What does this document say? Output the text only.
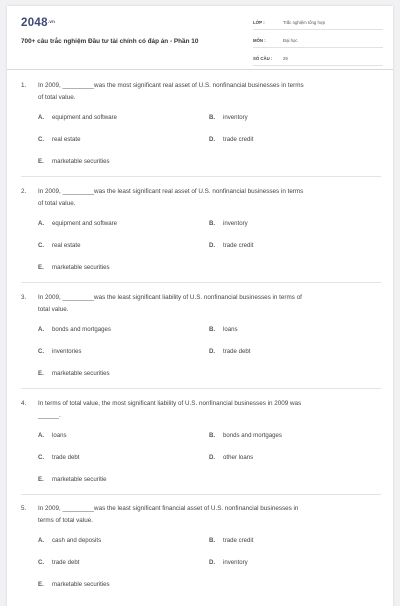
$2048^{.vn}$
700+ câu trắc nghiệm Đầu tư tài chính có đáp án - Phần 10
LỚP :	Trắc nghiệm tổng hợp
MÔN :	Đại học
SỐ CÂU :	29
1.	In 2009, _________was the most significant real asset of U.S. nonfinancial businesses in terms
of total value.
A.	equipment and software	B.	inventory
C.	real estate	D.	trade credit
E.	marketable securities
2.	In 2009, _________was the least significant real asset of U.S. nonfinancial businesses in terms
of total value.
A.	equipment and software	B.	inventory
C.	real estate	D.	trade credit
E.	marketable securities
3.	In 2009, _________was the least significant liability of U.S. nonfinancial businesses in terms of
total value.
A.	bonds and mortgages	B.	loans
C.	inventories	D.	trade debt
E.	marketable securities
4.	In terms of total value, the most significant liability of U.S. nonfinancial businesses in 2009 was
______.
A.	loans	B.	bonds and mortgages
C.	trade debt	D.	other loans
E.	marketable securitie
5.	In 2009, _________was the least significant financial asset of U.S. nonfinancial businesses in
terms of total value.
A.	cash and deposits	B.	trade credit
C.	trade debt	D.	inventory
E.	marketable securities
